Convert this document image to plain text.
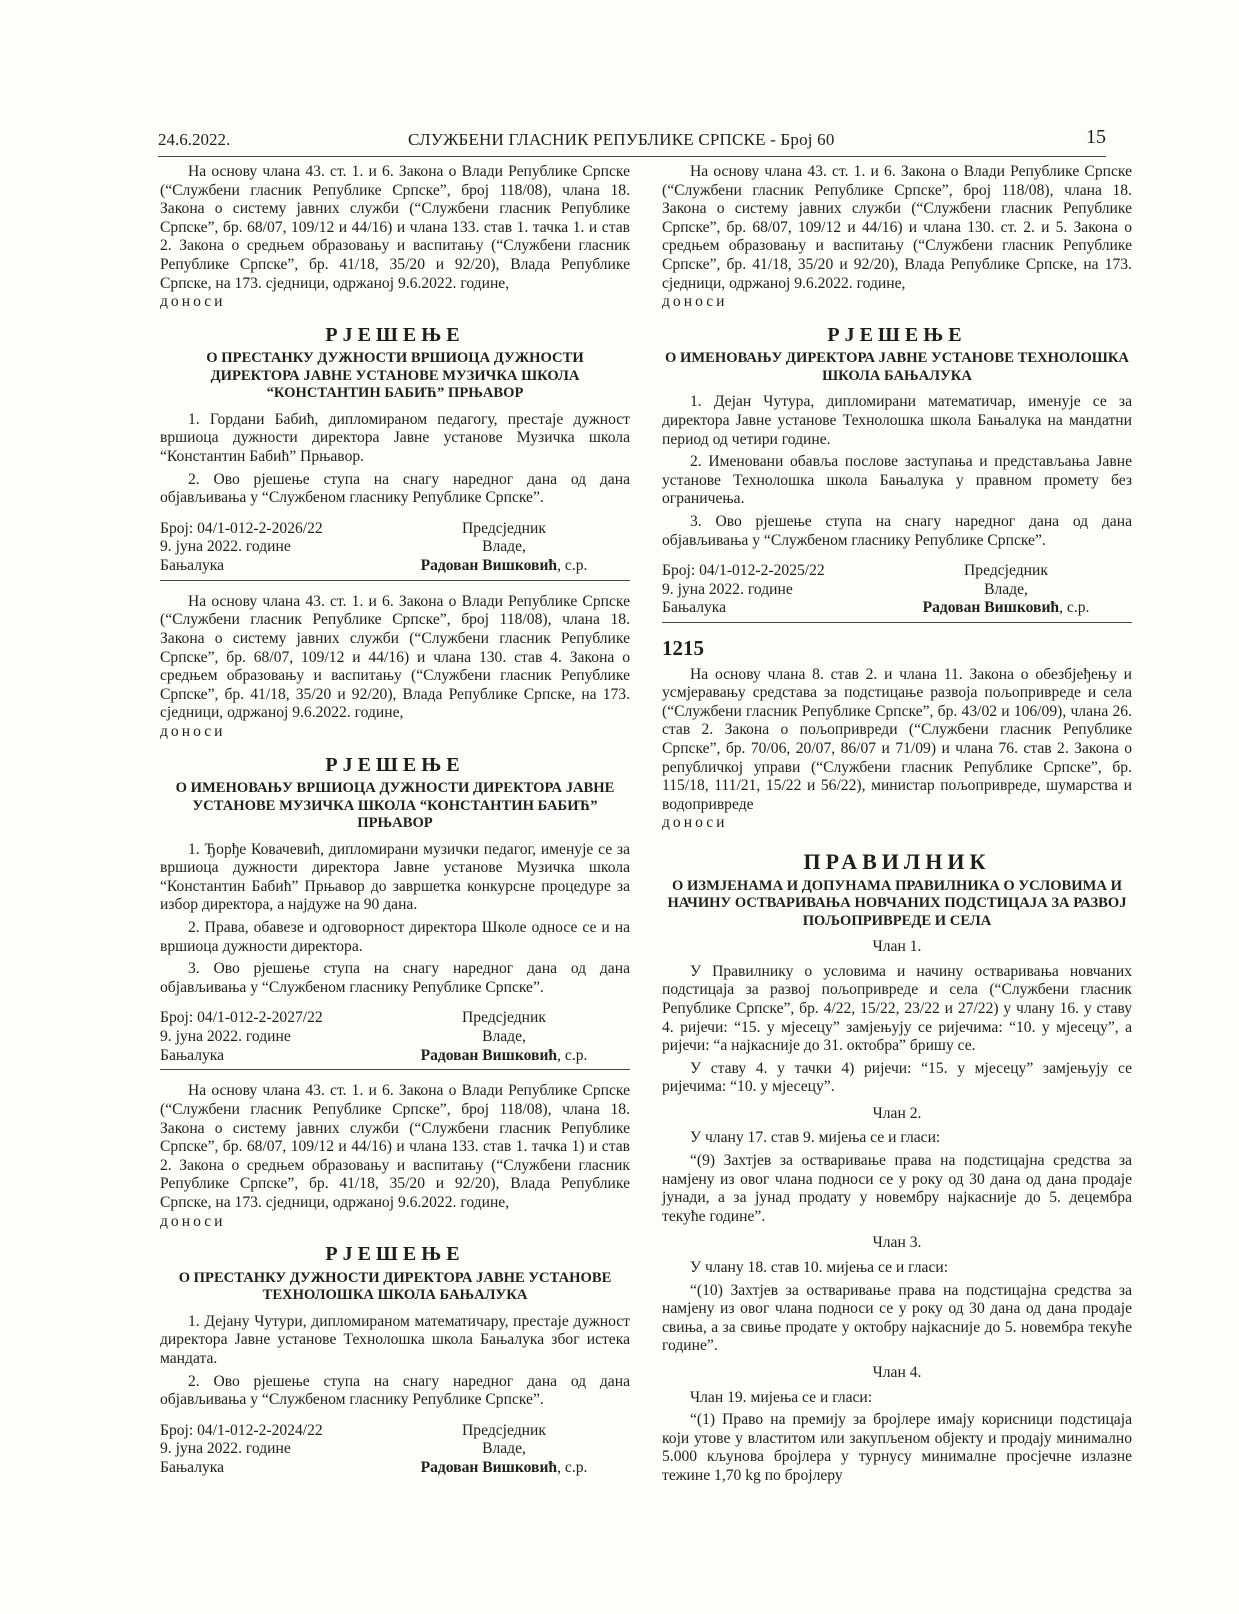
24.6.2022.	СЛУЖБЕНИ ГЛАСНИК РЕПУБЛИКЕ СРПСКЕ - Број 60	15

На основу члана 43. ст. 1. и 6. Закона о Влади Републике Српске (“Службени гласник Републике Српске”, број 118/08), члана 18. Закона о систему јавних служби (“Службени гласник Републике Српске”, бр. 68/07, 109/12 и 44/16) и члана 133. став 1. тачка 1. и став 2. Закона о средњем образовању и васпитању (“Службени гласник Републике Српске”, бр. 41/18, 35/20 и 92/20), Влада Републике Српске, на 173. сједници, одржаној 9.6.2022. године,

доноси
РЈЕШЕЊЕ
О ПРЕСТАНКУ ДУЖНОСТИ ВРШИОЦА ДУЖНОСТИ ДИРЕКТОРА ЈАВНЕ УСТАНОВЕ МУЗИЧКА ШКОЛА “КОНСТАНТИН БАБИЋ” ПРЊАВОР

1. Гордани Бабић, дипломираном педагогу, престаје дужност вршиоца дужности директора Јавне установе Музичка школа “Константин Бабић” Прњавор.

2. Ово рјешење ступа на снагу наредног дана од дана објављивања у “Службеном гласнику Републике Српске”.

Број: 04/1-012-2-2026/22
9. јуна 2022. године
Бањалука
Предсједник
Владе,
Радован Вишковић, с.р.

На основу члана 43. ст. 1. и 6. Закона о Влади Републике Српске (“Службени гласник Републике Српске”, број 118/08), члана 18. Закона о систему јавних служби (“Службени гласник Републике Српске”, бр. 68/07, 109/12 и 44/16) и члана 130. став 4. Закона о средњем образовању и васпитању (“Службени гласник Републике Српске”, бр. 41/18, 35/20 и 92/20), Влада Републике Српске, на 173. сједници, одржаној 9.6.2022. године,

доноси
РЈЕШЕЊЕ
О ИМЕНОВАЊУ ВРШИОЦА ДУЖНОСТИ ДИРЕКТОРА ЈАВНЕ УСТАНОВЕ МУЗИЧКА ШКОЛА “КОНСТАНТИН БАБИЋ” ПРЊАВОР

1. Ђорђе Ковачевић, дипломирани музички педагог, именује се за вршиоца дужности директора Јавне установе Музичка школа “Константин Бабић” Прњавор до завршетка конкурсне процедуре за избор директора, а најдуже на 90 дана.

2. Права, обавезе и одговорност директора Школе односе се и на вршиоца дужности директора.

3. Ово рјешење ступа на снагу наредног дана од дана објављивања у “Службеном гласнику Републике Српске”.

Број: 04/1-012-2-2027/22
9. јуна 2022. године
Бањалука
Предсједник
Владе,
Радован Вишковић, с.р.

На основу члана 43. ст. 1. и 6. Закона о Влади Републике Српске (“Службени гласник Републике Српске”, број 118/08), члана 18. Закона о систему јавних служби (“Службени гласник Републике Српске”, бр. 68/07, 109/12 и 44/16) и члана 133. став 1. тачка 1) и став 2. Закона о средњем образовању и васпитању (“Службени гласник Републике Српске”, бр. 41/18, 35/20 и 92/20), Влада Републике Српске, на 173. сједници, одржаној 9.6.2022. године,

доноси
РЈЕШЕЊЕ
О ПРЕСТАНКУ ДУЖНОСТИ ДИРЕКТОРА ЈАВНЕ УСТАНОВЕ ТЕХНОЛОШКА ШКОЛА БАЊАЛУКА

1. Дејану Чутури, дипломираном математичару, престаје дужност директора Јавне установе Технолошка школа Бањалука због истека мандата.

2. Ово рјешење ступа на снагу наредног дана од дана објављивања у “Службеном гласнику Републике Српске”.

Број: 04/1-012-2-2024/22
9. јуна 2022. године
Бањалука
Предсједник
Владе,
Радован Вишковић, с.р.

На основу члана 43. ст. 1. и 6. Закона о Влади Републике Српске (“Службени гласник Републике Српске”, број 118/08), члана 18. Закона о систему јавних служби (“Службени гласник Републике Српске”, бр. 68/07, 109/12 и 44/16) и члана 130. ст. 2. и 5. Закона о средњем образовању и васпитању (“Службени гласник Републике Српске”, бр. 41/18, 35/20 и 92/20), Влада Републике Српске, на 173. сједници, одржаној 9.6.2022. године,

доноси
РЈЕШЕЊЕ
О ИМЕНОВАЊУ ДИРЕКТОРА ЈАВНЕ УСТАНОВЕ ТЕХНОЛОШКА ШКОЛА БАЊАЛУКА

1. Дејан Чутура, дипломирани математичар, именује се за директора Јавне установе Технолошка школа Бањалука на мандатни период од четири године.

2. Именовани обавља послове заступања и представљања Јавне установе Технолошка школа Бањалука у правном промету без ограничења.

3. Ово рјешење ступа на снагу наредног дана од дана објављивања у “Службеном гласнику Републике Српске”.

Број: 04/1-012-2-2025/22
9. јуна 2022. године
Бањалука
Предсједник
Владе,
Радован Вишковић, с.р.
1215

На основу члана 8. став 2. и члана 11. Закона о обезбјеђењу и усмјеравању средстава за подстицање развоја пољопривреде и села (“Службени гласник Републике Српске”, бр. 43/02 и 106/09), члана 26. став 2. Закона о пољопривреди (“Службени гласник Републике Српске”, бр. 70/06, 20/07, 86/07 и 71/09) и члана 76. став 2. Закона о републичкој управи (“Службени гласник Републике Српске”, бр. 115/18, 111/21, 15/22 и 56/22), министар пољопривреде, шумарства и водопривреде

доноси
ПРАВИЛНИК
О ИЗМЈЕНАМА И ДОПУНАМА ПРАВИЛНИКА О УСЛОВИМА И НАЧИНУ ОСТВАРИВАЊА НОВЧАНИХ ПОДСТИЦАЈА ЗА РАЗВОЈ ПОЉОПРИВРЕДЕ И СЕЛА
Члан 1.

У Правилнику о условима и начину остваривања новчаних подстицаја за развој пољопривреде и села (“Службени гласник Републике Српске”, бр. 4/22, 15/22, 23/22 и 27/22) у члану 16. у ставу 4. ријечи: “15. у мјесецу” замјењују се ријечима: “10. у мјесецу”, а ријечи: “а најкасније до 31. октобра” бришу се.

У ставу 4. у тачки 4) ријечи: “15. у мјесецу” замјењују се ријечима: “10. у мјесецу”.

Члан 2.

У члану 17. став 9. мијења се и гласи:

“(9) Захтјев за остваривање права на подстицајна средства за намјену из овог члана подноси се у року од 30 дана од дана продаје јунади, а за јунад продату у новембру најкасније до 5. децембра текуће године”.

Члан 3.

У члану 18. став 10. мијења се и гласи:

“(10) Захтјев за остваривање права на подстицајна средства за намјену из овог члана подноси се у року од 30 дана од дана продаје свиња, а за свиње продате у октобру најкасније до 5. новембра текуће године”.

Члан 4.

Члан 19. мијења се и гласи:

“(1) Право на премију за бројлере имају корисници подстицаја који утове у властитом или закупљеном објекту и продају минимално 5.000 кљунова бројлера у турнусу минималне просјечне излазне тежине 1,70 kg по бројлеру
